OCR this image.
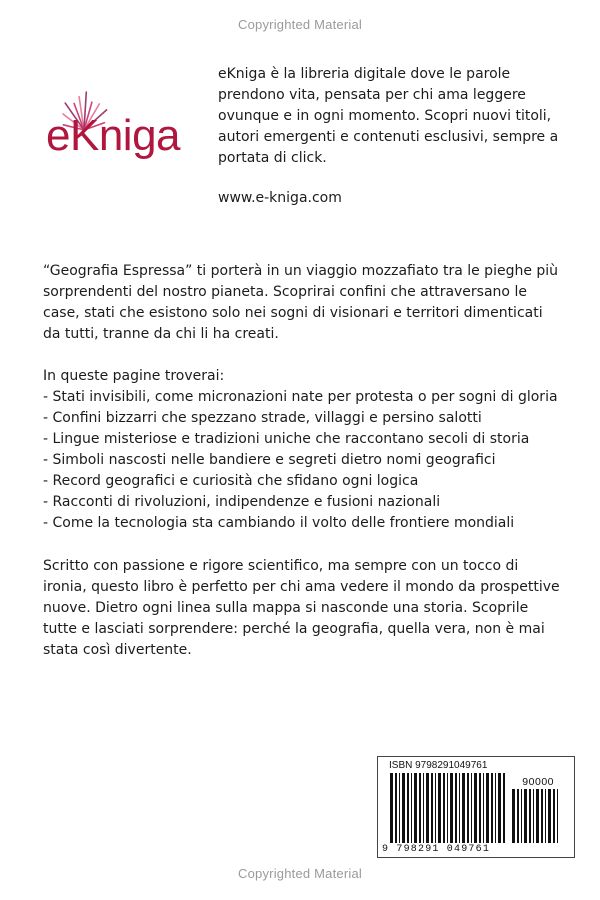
Copyrighted Material
eKniga

eKniga è la libreria digitale dove le parole prendono vita, pensata per chi ama leggere ovunque e in ogni momento. Scopri nuovi titoli, autori emergenti e contenuti esclusivi, sempre a portata di click.

www.e-kniga.com

“Geografia Espressa” ti porterà in un viaggio mozzafiato tra le pieghe più sorprendenti del nostro pianeta. Scoprirai confini che attraversano le case, stati che esistono solo nei sogni di visionari e territori dimenticati da tutti, tranne da chi li ha creati.

In queste pagine troverai:

- Stati invisibili, come micronazioni nate per protesta o per sogni di gloria
- Confini bizzarri che spezzano strade, villaggi e persino salotti
- Lingue misteriose e tradizioni uniche che raccontano secoli di storia
- Simboli nascosti nelle bandiere e segreti dietro nomi geografici
- Record geografici e curiosità che sfidano ogni logica
- Racconti di rivoluzioni, indipendenze e fusioni nazionali
- Come la tecnologia sta cambiando il volto delle frontiere mondiali

Scritto con passione e rigore scientifico, ma sempre con un tocco di ironia, questo libro è perfetto per chi ama vedere il mondo da prospettive nuove. Dietro ogni linea sulla mappa si nasconde una storia. Scoprile tutte e lasciati sorprendere: perché la geografia, quella vera, non è mai stata così divertente.

ISBN 9798291049761
90000
9 798291 049761
Copyrighted Material
